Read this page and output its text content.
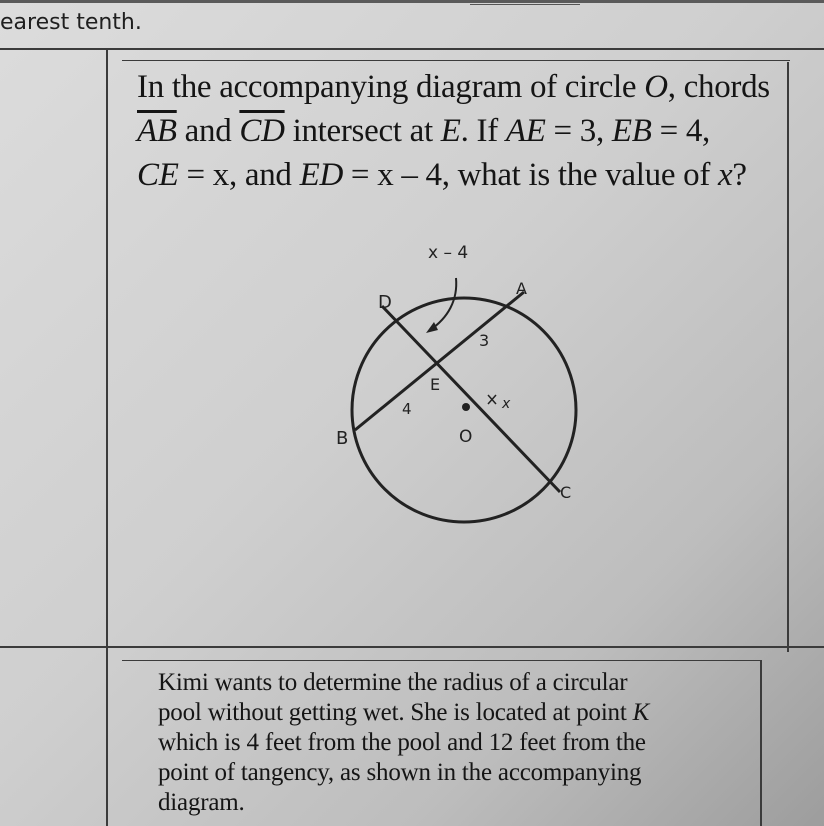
earest tenth.
In the accompanying diagram of circle O, chords
$\overline{AB}$ and $\overline{CD}$ intersect at E. If AE = 3, EB = 4,
CE = x, and ED = x – 4, what is the value of x?
x – 4
A
D
3
E
4	x
O
B
C
Kimi wants to determine the radius of a circular
pool without getting wet. She is located at point K
which is 4 feet from the pool and 12 feet from the
point of tangency, as shown in the accompanying
diagram.
